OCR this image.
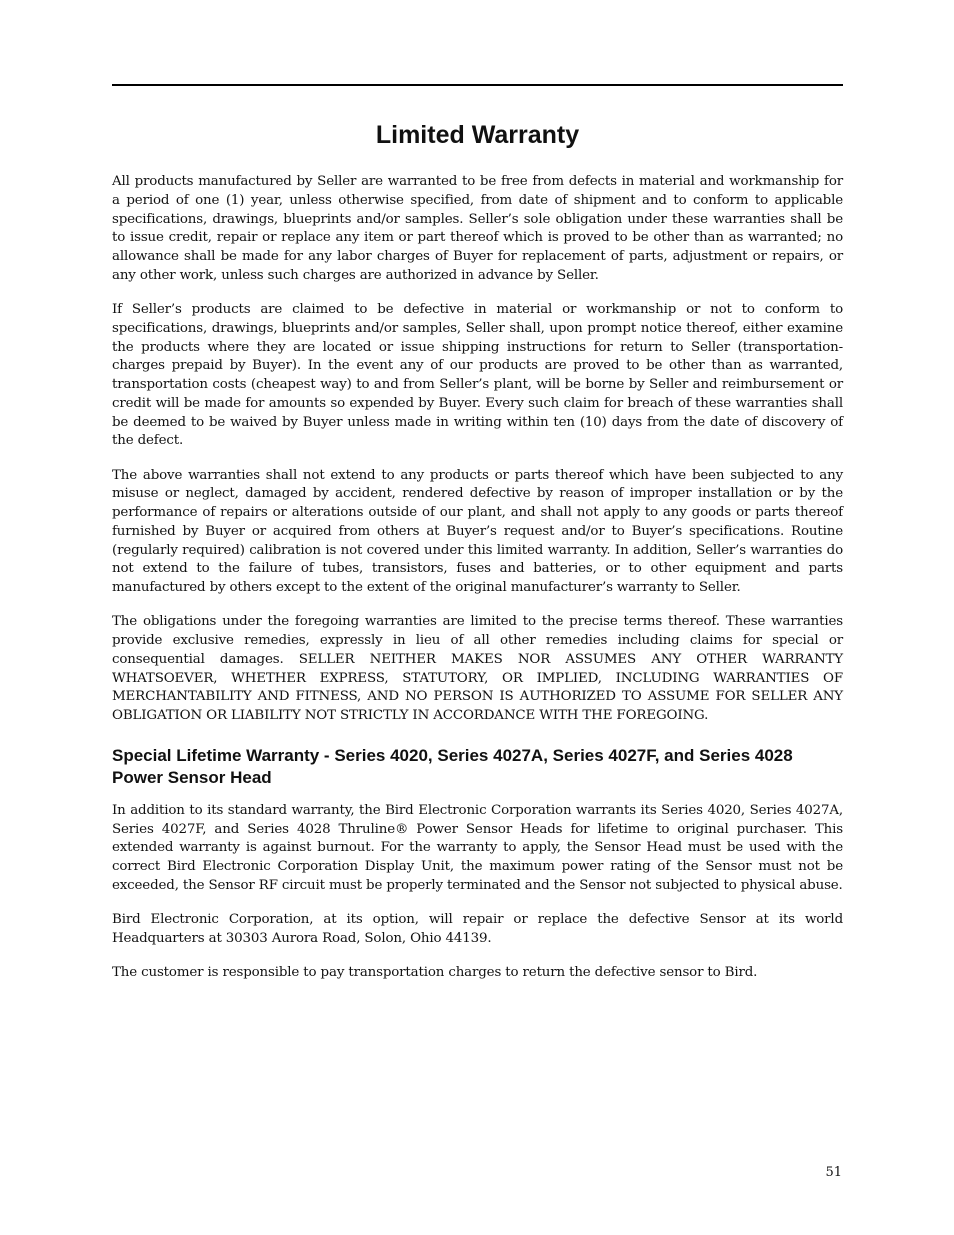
Limited Warranty

All products manufactured by Seller are warranted to be free from defects in material and workmanship for a period of one (1) year, unless otherwise specified, from date of shipment and to conform to applicable specifications, drawings, blueprints and/or samples. Seller’s sole obligation under these warranties shall be to issue credit, repair or replace any item or part thereof which is proved to be other than as warranted; no allowance shall be made for any labor charges of Buyer for replacement of parts, adjustment or repairs, or any other work, unless such charges are authorized in advance by Seller.

If Seller’s products are claimed to be defective in material or workmanship or not to conform to specifications, drawings, blueprints and/or samples, Seller shall, upon prompt notice thereof, either examine the products where they are located or issue shipping instructions for return to Seller (transportation-charges prepaid by Buyer). In the event any of our products are proved to be other than as warranted, transportation costs (cheapest way) to and from Seller’s plant, will be borne by Seller and reimbursement or credit will be made for amounts so expended by Buyer. Every such claim for breach of these warranties shall be deemed to be waived by Buyer unless made in writing within ten (10) days from the date of discovery of the defect.

The above warranties shall not extend to any products or parts thereof which have been subjected to any misuse or neglect, damaged by accident, rendered defective by reason of improper installation or by the performance of repairs or alterations outside of our plant, and shall not apply to any goods or parts thereof furnished by Buyer or acquired from others at Buyer’s request and/or to Buyer’s specifications. Routine (regularly required) calibration is not covered under this limited warranty. In addition, Seller’s warranties do not extend to the failure of tubes, transistors, fuses and batteries, or to other equipment and parts manufactured by others except to the extent of the original manufacturer’s warranty to Seller.

The obligations under the foregoing warranties are limited to the precise terms thereof. These warranties provide exclusive remedies, expressly in lieu of all other remedies including claims for special or consequential damages. SELLER NEITHER MAKES NOR ASSUMES ANY OTHER WARRANTY WHATSOEVER, WHETHER EXPRESS, STATUTORY, OR IMPLIED, INCLUDING WARRANTIES OF MERCHANTABILITY AND FITNESS, AND NO PERSON IS AUTHORIZED TO ASSUME FOR SELLER ANY OBLIGATION OR LIABILITY NOT STRICTLY IN ACCORDANCE WITH THE FOREGOING.

Special Lifetime Warranty - Series 4020, Series 4027A, Series 4027F, and Series 4028 Power Sensor Head

In addition to its standard warranty, the Bird Electronic Corporation warrants its Series 4020, Series 4027A, Series 4027F, and Series 4028 Thruline® Power Sensor Heads for lifetime to original purchaser. This extended warranty is against burnout. For the warranty to apply, the Sensor Head must be used with the correct Bird Electronic Corporation Display Unit, the maximum power rating of the Sensor must not be exceeded, the Sensor RF circuit must be properly terminated and the Sensor not subjected to physical abuse.

Bird Electronic Corporation, at its option, will repair or replace the defective Sensor at its world Headquarters at 30303 Aurora Road, Solon, Ohio 44139.

The customer is responsible to pay transportation charges to return the defective sensor to Bird.

51
